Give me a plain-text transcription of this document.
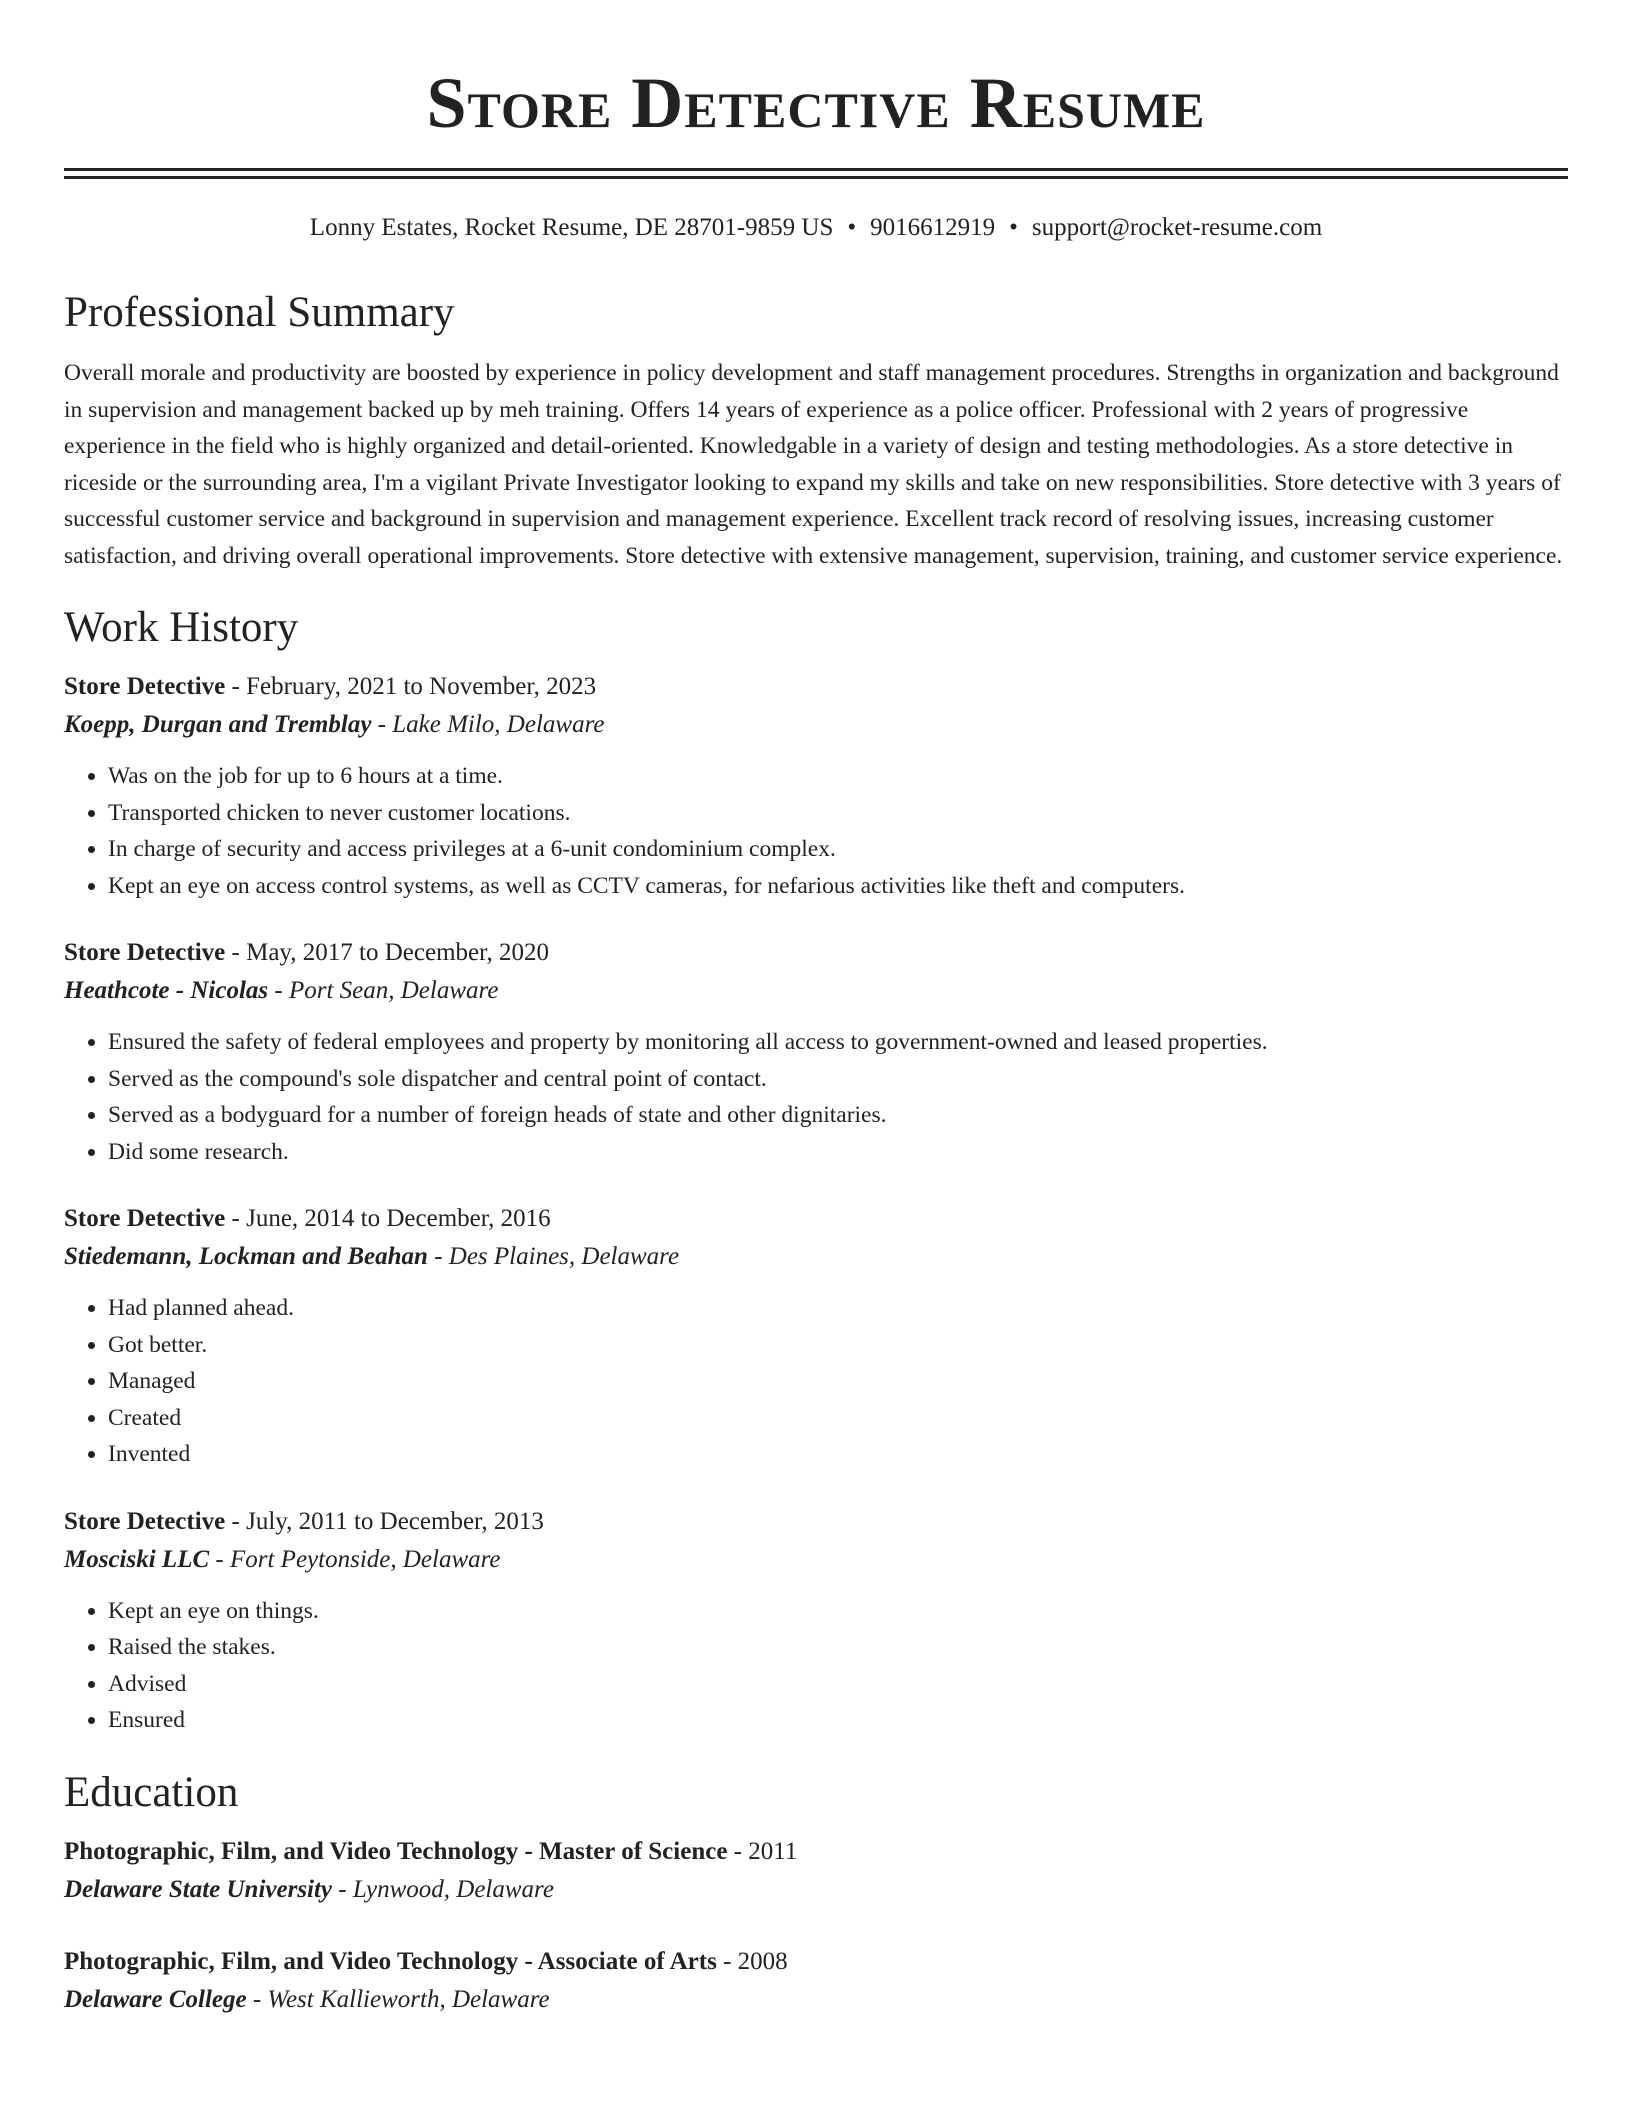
Store Detective Resume
Lonny Estates, Rocket Resume, DE 28701-9859 US • 9016612919 • support@rocket-resume.com
Professional Summary

Overall morale and productivity are boosted by experience in policy development and staff management procedures. Strengths in organization and background in supervision and management backed up by meh training. Offers 14 years of experience as a police officer. Professional with 2 years of progressive experience in the field who is highly organized and detail-oriented. Knowledgable in a variety of design and testing methodologies. As a store detective in riceside or the surrounding area, I'm a vigilant Private Investigator looking to expand my skills and take on new responsibilities. Store detective with 3 years of successful customer service and background in supervision and management experience. Excellent track record of resolving issues, increasing customer satisfaction, and driving overall operational improvements. Store detective with extensive management, supervision, training, and customer service experience.

Work History
Store Detective - February, 2021 to November, 2023
Koepp, Durgan and Tremblay - Lake Milo, Delaware
• Was on the job for up to 6 hours at a time.
• Transported chicken to never customer locations.
• In charge of security and access privileges at a 6-unit condominium complex.
• Kept an eye on access control systems, as well as CCTV cameras, for nefarious activities like theft and computers.
Store Detective - May, 2017 to December, 2020
Heathcote - Nicolas - Port Sean, Delaware
• Ensured the safety of federal employees and property by monitoring all access to government-owned and leased properties.
• Served as the compound's sole dispatcher and central point of contact.
• Served as a bodyguard for a number of foreign heads of state and other dignitaries.
• Did some research.
Store Detective - June, 2014 to December, 2016
Stiedemann, Lockman and Beahan - Des Plaines, Delaware
• Had planned ahead.
• Got better.
• Managed
• Created
• Invented
Store Detective - July, 2011 to December, 2013
Mosciski LLC - Fort Peytonside, Delaware
• Kept an eye on things.
• Raised the stakes.
• Advised
• Ensured
Education
Photographic, Film, and Video Technology - Master of Science - 2011
Delaware State University - Lynwood, Delaware
Photographic, Film, and Video Technology - Associate of Arts - 2008
Delaware College - West Kallieworth, Delaware
